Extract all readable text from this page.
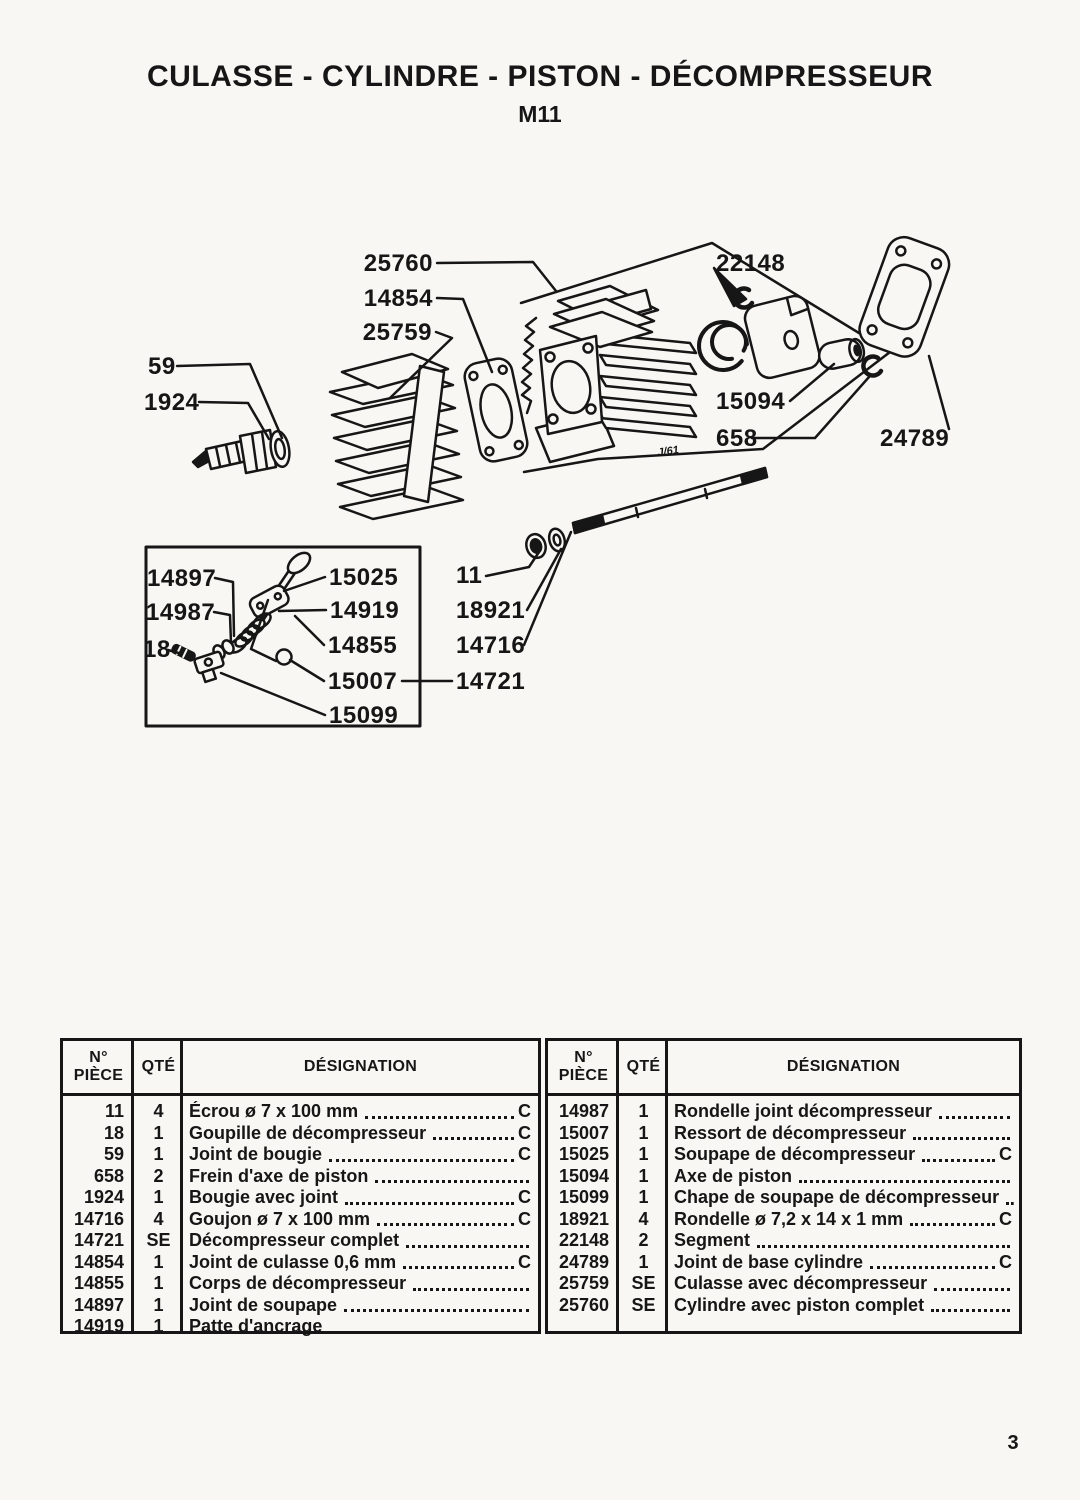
CULASSE - CYLINDRE - PISTON - DÉCOMPRESSEUR
M11
25760
14854
25759
22148
15094
658	24789
59
1924
11
18921
14716
14721
14897
14987
18
15025
14919
14855
15007
15099
J/61
N°
PIÈCE
QTÉ	DÉSIGNATION
11	4	Écrou ø 7 x 100 mm	C
18	1	Goupille de décompresseur	C
59	1	Joint de bougie	C
658	2	Frein d'axe de piston
1924	1	Bougie avec joint	C
14716	4	Goujon ø 7 x 100 mm	C
14721	SE	Décompresseur complet
14854	1	Joint de culasse 0,6 mm	C
14855	1	Corps de décompresseur
14897	1	Joint de soupape
14919	1	Patte d'ancrage
N°
PIÈCE
QTÉ	DÉSIGNATION
14987	1	Rondelle joint décompresseur
15007	1	Ressort de décompresseur
15025	1	Soupape de décompresseur	C
15094	1	Axe de piston
15099	1	Chape de soupape de décompresseur
18921	4	Rondelle ø 7,2 x 14 x 1 mm	C
22148	2	Segment
24789	1	Joint de base cylindre	C
25759	SE	Culasse avec décompresseur
25760	SE	Cylindre avec piston complet
3
